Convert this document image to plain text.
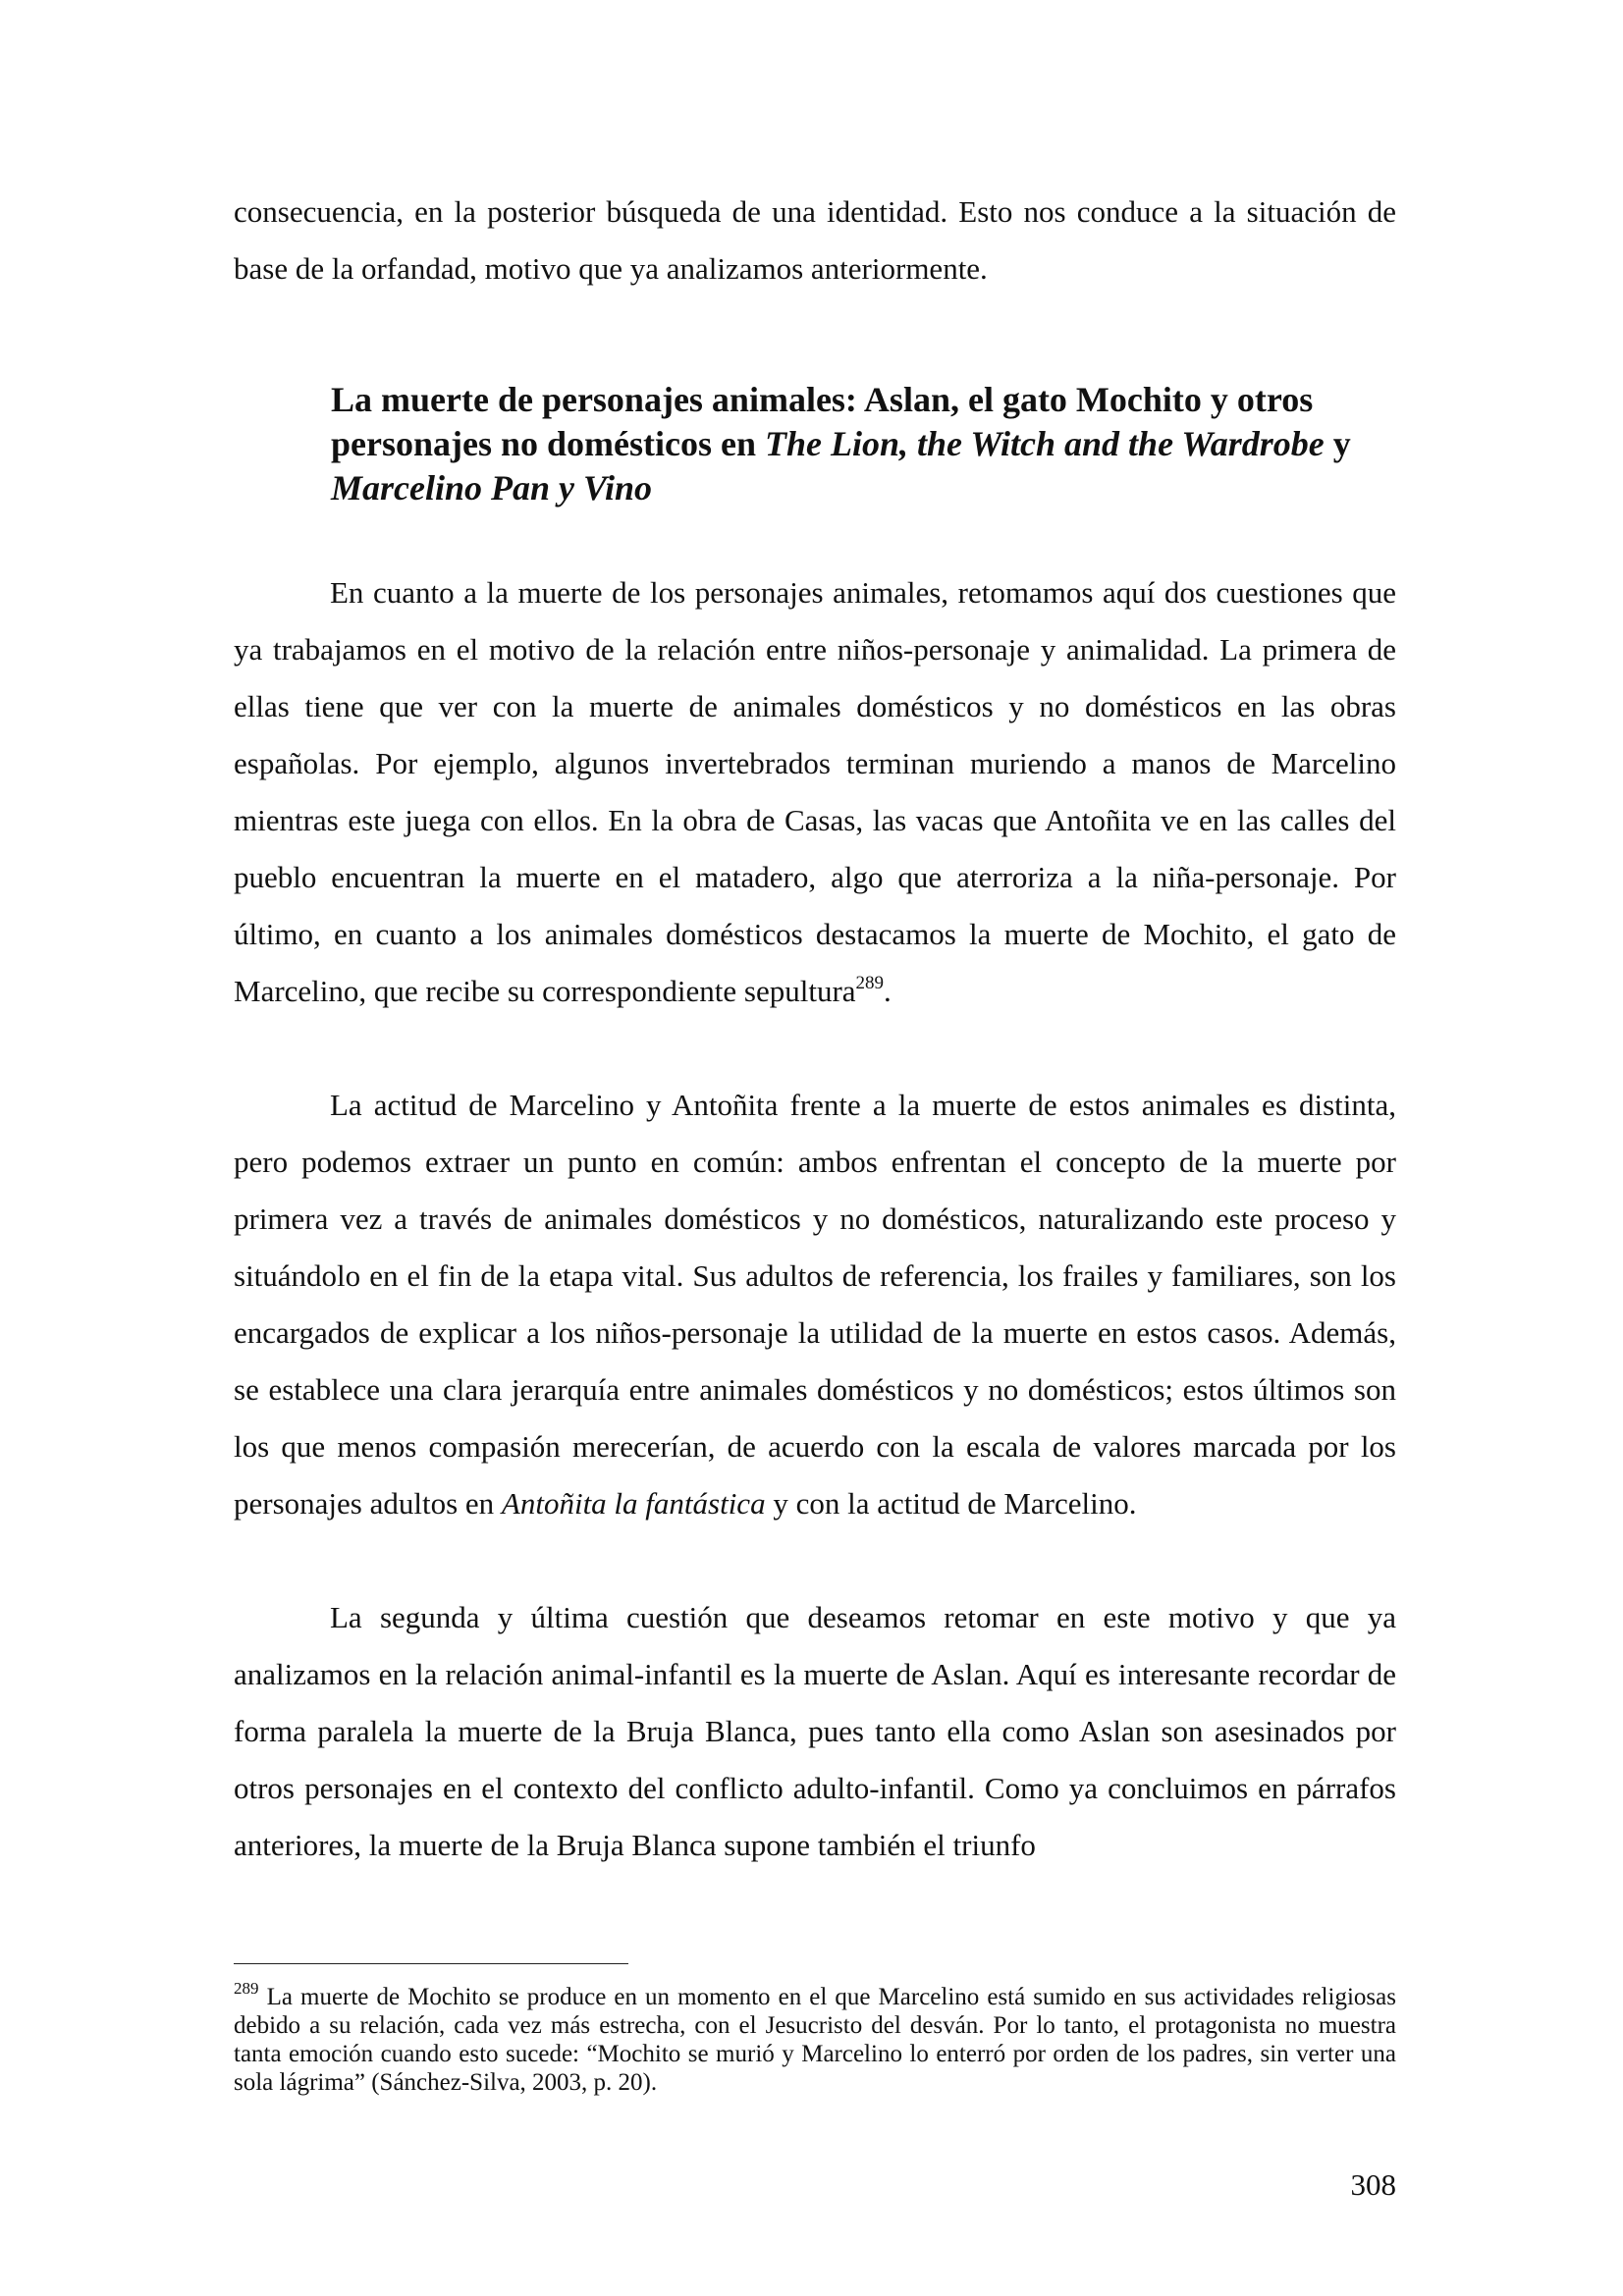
consecuencia, en la posterior búsqueda de una identidad. Esto nos conduce a la situación de base de la orfandad, motivo que ya analizamos anteriormente.

La muerte de personajes animales: Aslan, el gato Mochito y otros personajes no domésticos en The Lion, the Witch and the Wardrobe y Marcelino Pan y Vino

En cuanto a la muerte de los personajes animales, retomamos aquí dos cuestiones que ya trabajamos en el motivo de la relación entre niños-personaje y animalidad. La primera de ellas tiene que ver con la muerte de animales domésticos y no domésticos en las obras españolas. Por ejemplo, algunos invertebrados terminan muriendo a manos de Marcelino mientras este juega con ellos. En la obra de Casas, las vacas que Antoñita ve en las calles del pueblo encuentran la muerte en el matadero, algo que aterroriza a la niña-personaje. Por último, en cuanto a los animales domésticos destacamos la muerte de Mochito, el gato de Marcelino, que recibe su correspondiente sepultura$^{289}$.

La actitud de Marcelino y Antoñita frente a la muerte de estos animales es distinta, pero podemos extraer un punto en común: ambos enfrentan el concepto de la muerte por primera vez a través de animales domésticos y no domésticos, naturalizando este proceso y situándolo en el fin de la etapa vital. Sus adultos de referencia, los frailes y familiares, son los encargados de explicar a los niños-personaje la utilidad de la muerte en estos casos. Además, se establece una clara jerarquía entre animales domésticos y no domésticos; estos últimos son los que menos compasión merecerían, de acuerdo con la escala de valores marcada por los personajes adultos en Antoñita la fantástica y con la actitud de Marcelino.

La segunda y última cuestión que deseamos retomar en este motivo y que ya analizamos en la relación animal-infantil es la muerte de Aslan. Aquí es interesante recordar de forma paralela la muerte de la Bruja Blanca, pues tanto ella como Aslan son asesinados por otros personajes en el contexto del conflicto adulto-infantil. Como ya concluimos en párrafos anteriores, la muerte de la Bruja Blanca supone también el triunfo

$^{289}$ La muerte de Mochito se produce en un momento en el que Marcelino está sumido en sus actividades religiosas debido a su relación, cada vez más estrecha, con el Jesucristo del desván. Por lo tanto, el protagonista no muestra tanta emoción cuando esto sucede: “Mochito se murió y Marcelino lo enterró por orden de los padres, sin verter una sola lágrima” (Sánchez-Silva, 2003, p. 20).

308
